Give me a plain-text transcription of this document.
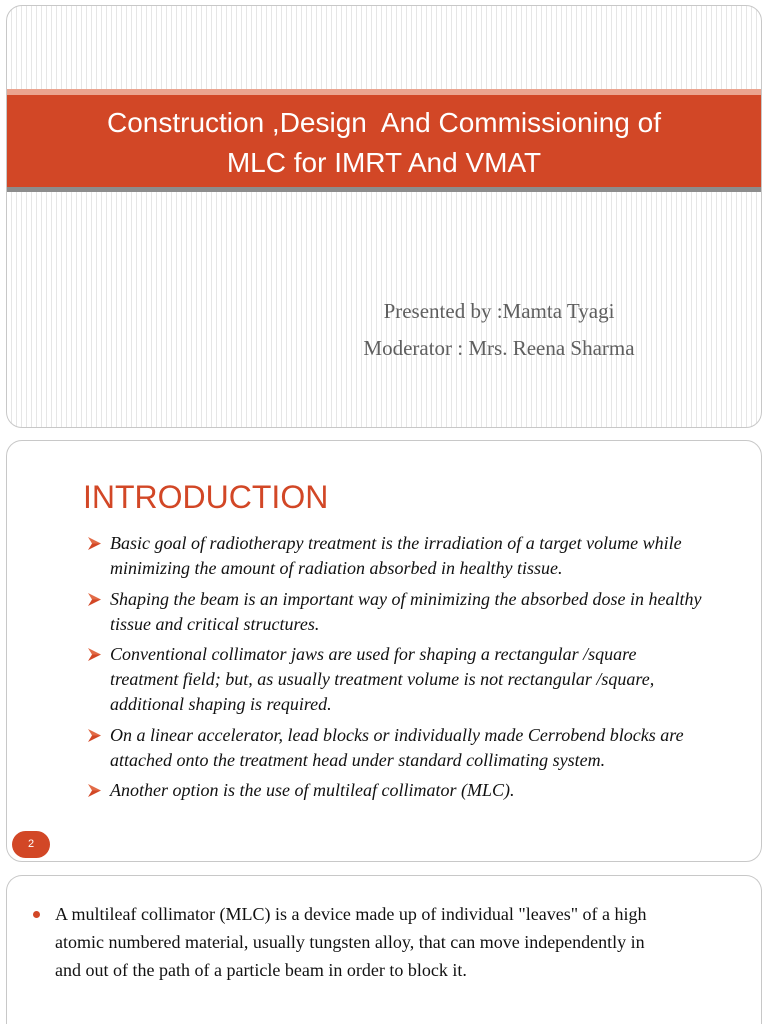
Construction ,Design  And Commissioning of
MLC for IMRT And VMAT
Presented by :Mamta Tyagi
Moderator : Mrs. Reena Sharma
INTRODUCTION
Basic goal of radiotherapy treatment is the irradiation of a target volume while
minimizing the amount of radiation absorbed in healthy tissue.
Shaping the beam is an important way of minimizing the absorbed dose in healthy
tissue and critical structures.
Conventional collimator jaws are used for shaping a rectangular /square
treatment field; but, as usually treatment volume is not rectangular /square,
additional shaping is required.
On a linear accelerator, lead blocks or individually made Cerrobend blocks are
attached onto the treatment head under standard collimating system.
Another option is the use of multileaf collimator (MLC).
2
A multileaf collimator (MLC) is a device made up of individual "leaves" of a high
atomic numbered material, usually tungsten alloy, that can move independently in
and out of the path of a particle beam in order to block it.
